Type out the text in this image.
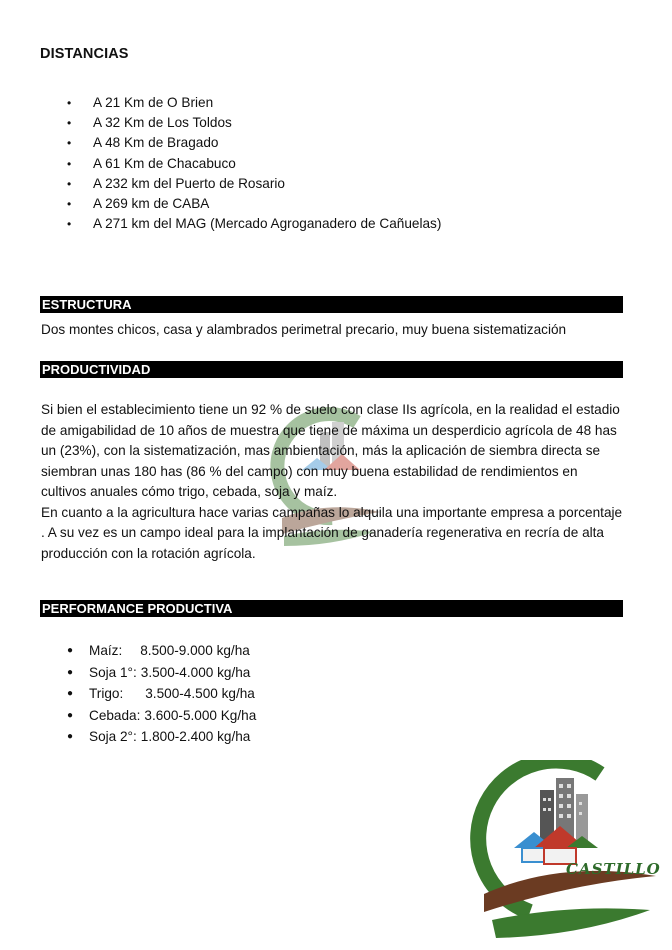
DISTANCIAS
• A 21 Km de O Brien
• A 32 Km de Los Toldos
• A 48 Km de Bragado
• A 61 Km de Chacabuco
• A 232 km del Puerto de Rosario
• A 269 km de CABA
• A 271 km del MAG (Mercado Agroganadero de Cañuelas)
ESTRUCTURA
Dos montes chicos, casa y alambrados perimetral precario, muy buena sistematización
PRODUCTIVIDAD

Si bien el establecimiento tiene un 92 % de suelo con clase IIs agrícola, en la realidad el estadio de amigabilidad de 10 años de muestra que tiene de máxima un desperdicio agrícola de 48 has un (23%), con la sistematización, mas ambientación, más la aplicación de siembra directa se siembran unas 180 has (86 % del campo) con muy buena estabilidad de rendimientos en cultivos anuales cómo trigo, cebada, soja y maíz.

En cuanto a la agricultura hace varias campañas lo alquila una importante empresa a porcentaje . A su vez es un campo ideal para la implantación de ganadería regenerativa en recría de alta producción con la rotación agrícola.

PERFORMANCE PRODUCTIVA
● Maíz: 8.500-9.000 kg/ha
● Soja 1°: 3.500-4.000 kg/ha
● Trigo: 3.500-4.500 kg/ha
● Cebada: 3.600-5.000 Kg/ha
● Soja 2°: 1.800-2.400 kg/ha
CASTILLO
